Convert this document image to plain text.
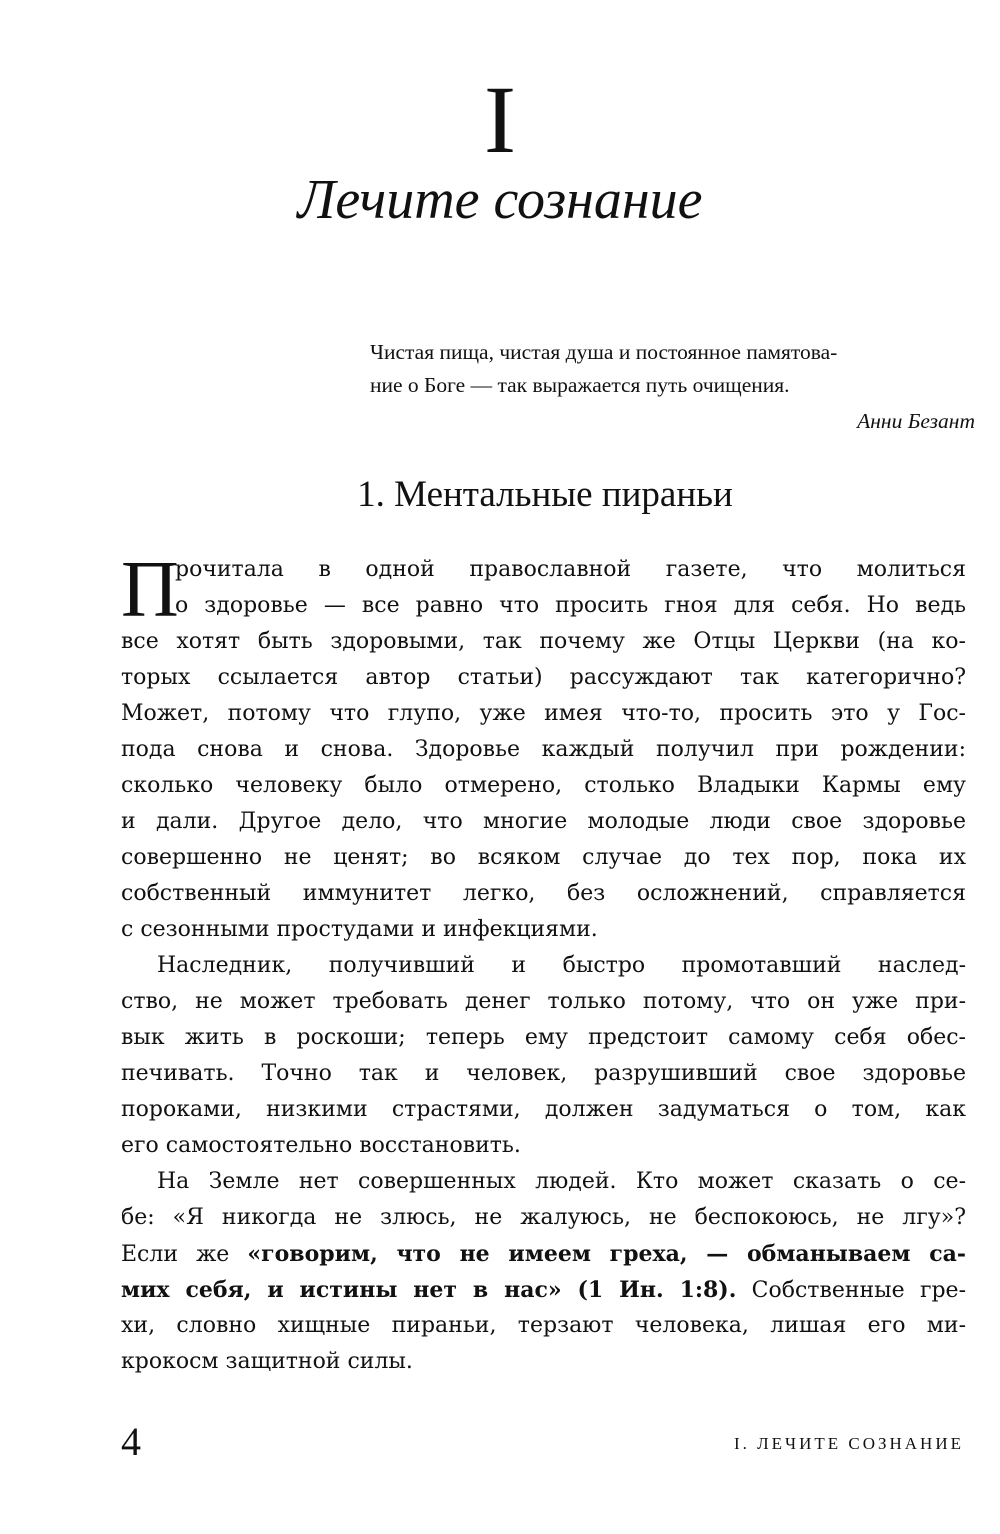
I
Лечите сознание
Чистая пища, чистая душа и постоянное памятова-
ние о Боге — так выражается путь очищения.
Анни Безант
1. Ментальные пираньи
П
рочитала в одной православной газете, что молиться
о здоровье — все равно что просить гноя для себя. Но ведь
все хотят быть здоровыми, так почему же Отцы Церкви (на ко-
торых ссылается автор статьи) рассуждают так категорично?
Может, потому что глупо, уже имея что-то, просить это у Гос-
пода снова и снова. Здоровье каждый получил при рождении:
сколько человеку было отмерено, столько Владыки Кармы ему
и дали. Другое дело, что многие молодые люди свое здоровье
совершенно не ценят; во всяком случае до тех пор, пока их
собственный иммунитет легко, без осложнений, справляется
с сезонными простудами и инфекциями.
Наследник, получивший и быстро промотавший наслед-
ство, не может требовать денег только потому, что он уже при-
вык жить в роскоши; теперь ему предстоит самому себя обес-
печивать. Точно так и человек, разрушивший свое здоровье
пороками, низкими страстями, должен задуматься о том, как
его самостоятельно восстановить.
На Земле нет совершенных людей. Кто может сказать о се-
бе: «Я никогда не злюсь, не жалуюсь, не беспокоюсь, не лгу»?
Если же «говорим, что не имеем греха, — обманываем са-
мих себя, и истины нет в нас» (1 Ин. 1:8). Собственные гре-
хи, словно хищные пираньи, терзают человека, лишая его ми-
крокосм защитной силы.
4	I. ЛЕЧИТЕ СОЗНАНИЕ
